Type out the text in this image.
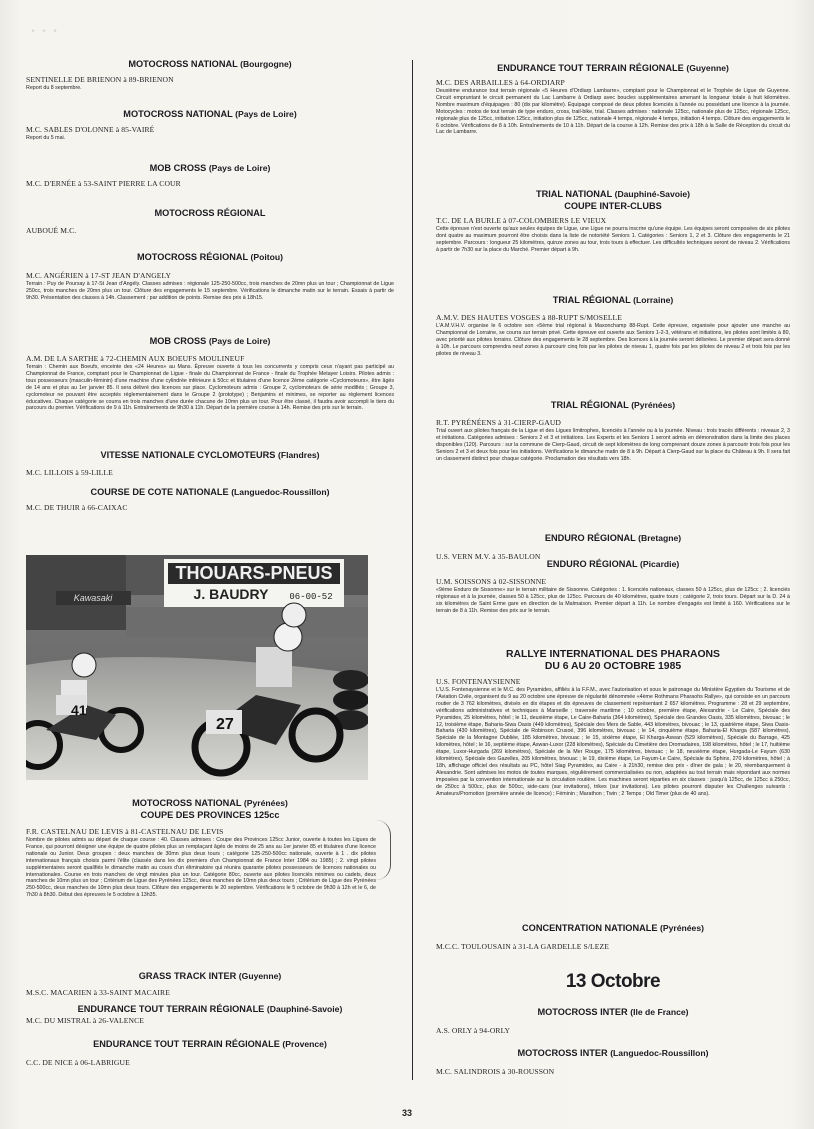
· · ·

MOTOCROSS NATIONAL (Bourgogne)

SENTINELLE DE BRIENON à 89-BRIENON

Report du 8 septembre.

MOTOCROSS NATIONAL (Pays de Loire)

M.C. SABLES D'OLONNE à 85-VAIRÉ

Report du 5 mai.

MOB CROSS (Pays de Loire)

M.C. D'ERNÉE à 53-SAINT PIERRE LA COUR

MOTOCROSS RÉGIONAL

AUBOUÉ M.C.

MOTOCROSS RÉGIONAL (Poitou)

M.C. ANGÉRIEN à 17-ST JEAN D'ANGELY

Terrain : Puy de Poursay à 17-St Jean d'Angély. Classes admises : régionale 125-250-500cc, trois manches de 20mn plus un tour ; Championnat de Ligue 250cc, trois manches de 20mn plus un tour. Clôture des engagements le 15 septembre. Vérifications le dimanche matin sur le terrain. Essais à partir de 9h30. Présentation des classes à 14h. Classement : par addition de points. Remise des prix à 18h15.

MOB CROSS (Pays de Loire)

A.M. DE LA SARTHE à 72-CHEMIN AUX BOEUFS MOULINEUF

Terrain : Chemin aux Boeufs, enceinte des «24 Heures» au Mans. Épreuve ouverte à tous les concurrents y compris ceux n'ayant pas participé au Championnat de France, comptant pour le Championnat de Ligue - finale du Championnat de France - finale du Trophée Metayer Loisirs. Pilotes admis : tous possesseurs (masculin-féminin) d'une machine d'une cylindrée inférieure à 50cc et titulaires d'une licence 2ème catégorie «Cyclomoteurs», être âgés de 14 ans et plus au 1er janvier 85. Il sera délivré des licences sur place. Cyclomoteurs admis : Groupe 2, cyclomoteurs de série modifiés ; Groupe 3, cyclomoteur ne pouvant être acceptés réglementairement dans le Groupe 2 (prototype) ; Benjamins et minimes, se reporter au règlement licences éducatives. Chaque catégorie se courra en trois manches d'une durée chacune de 10mn plus un tour. Pour être classé, il faudra avoir accompli le tiers du parcours du premier. Vérifications de 9 à 11h. Entraînements de 9h30 à 11h. Départ de la première course à 14h. Remise des prix sur le terrain.

VITESSE NATIONALE CYCLOMOTEURS (Flandres)

M.C. LILLOIS à 59-LILLE

COURSE DE COTE NATIONALE (Languedoc-Roussillon)

M.C. DE THUIR à 66-CAIXAC

THOUARS-PNEUS
J. BAUDRY 06-00-52
Kawasaki
41
27

MOTOCROSS NATIONAL (Pyrénées)

COUPE DES PROVINCES 125cc

F.R. CASTELNAU DE LEVIS à 81-CASTELNAU DE LEVIS

Nombre de pilotes admis au départ de chaque course : 40. Classes admises : Coupe des Provinces 125cc Junior, ouverte à toutes les Ligues de France, qui pourront désigner une équipe de quatre pilotes plus un remplaçant âgés de moins de 25 ans au 1er janvier 85 et titulaires d'une licence nationale ou Junior. Deux groupes : deux manches de 30mn plus deux tours ; catégorie 125-250-500cc nationale, ouverte à 1 . dix pilotes internationaux français choisis parmi l'élite (classés dans les dix premiers d'un Championnat de France Inter 1984 ou 1985) ; 2. vingt pilotes supplémentaires seront qualifiés le dimanche matin au cours d'un éliminatoire qui réunira quarante pilotes possesseurs de licences nationales ou internationales. Course en trois manches de vingt minutes plus un tour. Catégorie 80cc, ouverte aux pilotes licenciés minimes ou cadets, deux manches de 10mn plus un tour ; Critérium de Ligue des Pyrénées 125cc, deux manches de 10mn plus deux tours ; Critérium de Ligue des Pyrénées 250-500cc, deux manches de 10mn plus deux tours. Clôture des engagements le 20 septembre. Vérifications le 5 octobre de 9h30 à 12h et le 6, de 7h30 à 8h30. Début des épreuves le 5 octobre à 13h35.

GRASS TRACK INTER (Guyenne)

M.S.C. MACARIEN à 33-SAINT MACAIRE

ENDURANCE TOUT TERRAIN RÉGIONALE (Dauphiné-Savoie)

M.C. DU MISTRAL à 26-VALENCE

ENDURANCE TOUT TERRAIN RÉGIONALE (Provence)

C.C. DE NICE à 06-LABRIGUE

ENDURANCE TOUT TERRAIN RÉGIONALE (Guyenne)

M.C. DES ARBAILLES à 64-ORDIARP

Deuxième endurance tout terrain régionale «5 Heures d'Ordiarp Lambarre», comptant pour le Championnat et le Trophée de Ligue de Guyenne. Circuit empruntant le circuit permanent du Lac Lambarre à Ordiarp avec boucles supplémentaires amenant la longueur totale à huit kilomètres. Nombre maximum d'équipages : 80 (dix par kilomètre). Équipage composé de deux pilotes licenciés à l'année ou possédant une licence à la journée. Motocycles : motos de tout terrain de type enduro, cross, trail-bike, trial. Classes admises : nationale 125cc, nationale plus de 125cc, régionale 125cc, régionale plus de 125cc, initiation 125cc, initiation plus de 125cc, nationale 4 temps, régionale 4 temps, initiation 4 temps. Clôture des engagements le 6 octobre. Vérifications de 8 à 10h. Entraînements de 10 à 11h. Départ de la course à 12h. Remise des prix à 18h à la Salle de Réception du circuit du Lac de Lambarre.

TRIAL NATIONAL (Dauphiné-Savoie)

COUPE INTER-CLUBS

T.C. DE LA BURLE à 07-COLOMBIERS LE VIEUX

Cette épreuve n'est ouverte qu'aux seules équipes de Ligue, une Ligue ne pourra inscrire qu'une équipe. Les équipes seront composées de six pilotes dont quatre au maximum pourront être choisis dans la liste de notoriété Seniors 1. Catégories : Seniors 1, 2 et 3. Clôture des engagements le 21 septembre. Parcours : longueur 25 kilomètres, quinze zones au tour, trois tours à effectuer. Les difficultés techniques seront de niveau 2. Vérifications à partir de 7h30 sur la place du Marché. Premier départ à 9h.

TRIAL RÉGIONAL (Lorraine)

A.M.V. DES HAUTES VOSGES à 88-RUPT S/MOSELLE

L'A.M.V.H.V. organise le 6 octobre son «5ème trial régional à Maxonchamp 88-Rupt. Cette épreuve, organisée pour ajouter une manche au Championnat de Lorraine, se courra sur terrain privé. Cette épreuve est ouverte aux Seniors 1-2-3, vétérans et initiations, les pilotes sont limités à 80, avec priorité aux pilotes lorrains. Clôture des engagements le 28 septembre. Des licences à la journée seront délivrées. Le premier départ sera donné à 10h. Le parcours comprendra neuf zones à parcourir cinq fois par les pilotes de niveau 1, quatre fois par les pilotes de niveau 2 et trois fois par les pilotes de niveau 3.

TRIAL RÉGIONAL (Pyrénées)

R.T. PYRÉNÉENS à 31-CIERP-GAUD

Trial ouvert aux pilotes français de la Ligue et des Ligues limitrophes, licenciés à l'année ou à la journée. Niveau : trois tracés différents : niveaux 2, 3 et initiations. Catégories admises : Seniors 2 et 3 et initiations. Les Experts et les Seniors 1 seront admis en démonstration dans la limite des places disponibles (120). Parcours : sur la commune de Cierp-Gaud, circuit de sept kilomètres de long comprenant douze zones à parcourir trois fois pour les Seniors 2 et 3 et deux fois pour les initiations. Vérifications le dimanche matin de 8 à 9h. Départ à Cierp-Gaud sur la place du Château à 9h. Il sera fait un classement distinct pour chaque catégorie. Proclamation des résultats vers 18h.

ENDURO RÉGIONAL (Bretagne)

U.S. VERN M.V. à 35-BAULON

ENDURO RÉGIONAL (Picardie)

U.M. SOISSONS à 02-SISSONNE

«9ème Enduro de Sissonne» sur le terrain militaire de Sissonne. Catégories : 1. licenciés nationaux, classes 50 à 125cc, plus de 125cc ; 2. licenciés régionaux et à la journée, classes 50 à 125cc, plus de 125cc. Parcours de 40 kilomètres, quatre tours ; catégorie 2, trois tours. Départ sur la D. 24 à six kilomètres de Saint Erme gare en direction de la Malmaison. Premier départ à 11h. Le nombre d'engagés est limité à 160. Vérifications sur le terrain de 8 à 11h. Remise des prix sur le terrain.

RALLYE INTERNATIONAL DES PHARAONS

DU 6 AU 20 OCTOBRE 1985

U.S. FONTENAYSIENNE

L'U.S. Fontenaysienne et le M.C. des Pyramides, affiliés à la F.F.M., avec l'autorisation et sous le patronage du Ministère Égyptien du Tourisme et de l'Aviation Civile, organisent du 9 au 20 octobre une épreuve de régularité dénommée «4ème Rothmans Pharaohs Rallye», qui consiste en un parcours routier de 3 762 kilomètres, divisés en dix étapes et dix épreuves de classement représentant 2 657 kilomètres. Programme : 28 et 29 septembre, vérifications administratives et techniques à Marseille ; traversée maritime ; 10 octobre, première étape, Alexandrie - Le Caire, Spéciale des Pyramides, 25 kilomètres, hôtel ; le 11, deuxième étape, Le Caire-Baharia (364 kilomètres), Spéciale des Grandes Oasis, 335 kilomètres, bivouac ; le 12, troisième étape, Baharia-Siwa Oasis (449 kilomètres), Spéciale des Mers de Sable, 443 kilomètres, bivouac ; le 13, quatrième étape, Siwa Oasis-Baharia (430 kilomètres), Spéciale de Robinson Crusoé, 396 kilomètres, bivouac ; le 14, cinquième étape, Baharia-El Kharga (587 kilomètres), Spéciale de la Montagne Oubliée, 185 kilomètres, bivouac ; le 15, sixième étape, El Kharga-Aswan (529 kilomètres), Spéciale du Barrage, 425 kilomètres, hôtel ; le 16, septième étape, Aswan-Luxor (228 kilomètres), Spéciale du Cimetière des Dromadaires, 198 kilomètres, hôtel ; le 17, huitième étape, Luxor-Hurgada (269 kilomètres), Spéciale de la Mer Rouge, 175 kilomètres, bivouac ; le 18, neuvième étape, Hurgada-Le Fayum (630 kilomètres), Spéciale des Gazelles, 205 kilomètres, bivouac ; le 19, dixième étape, Le Fayum-Le Caire, Spéciale du Sphinx, 270 kilomètres, hôtel ; à 18h, affichage officiel des résultats au PC, hôtel Siag Pyramides, au Caire - à 21h30, remise des prix - dîner de gala ; le 20, réembarquement à Alexandrie. Sont admises les motos de toutes marques, régulièrement commercialisées ou non, adaptées au tout terrain mais répondant aux normes imposées par la convention internationale sur la circulation routière. Les machines seront réparties en six classes : jusqu'à 125cc, de 125cc à 250cc, de 250cc à 500cc, plus de 500cc, side-cars (sur invitations), trikes (sur invitations). Les pilotes pourront disputer les Challenges suivants : Amateurs/Promotion (première année de licence) ; Féminin ; Marathon ; Twin ; 2 Temps ; Old Timer (plus de 40 ans).

CONCENTRATION NATIONALE (Pyrénées)

M.C.C. TOULOUSAIN à 31-LA GARDELLE S/LEZE

13 Octobre

MOTOCROSS INTER (Ile de France)

A.S. ORLY à 94-ORLY

MOTOCROSS INTER (Languedoc-Roussillon)

M.C. SALINDROIS à 30-ROUSSON

33
